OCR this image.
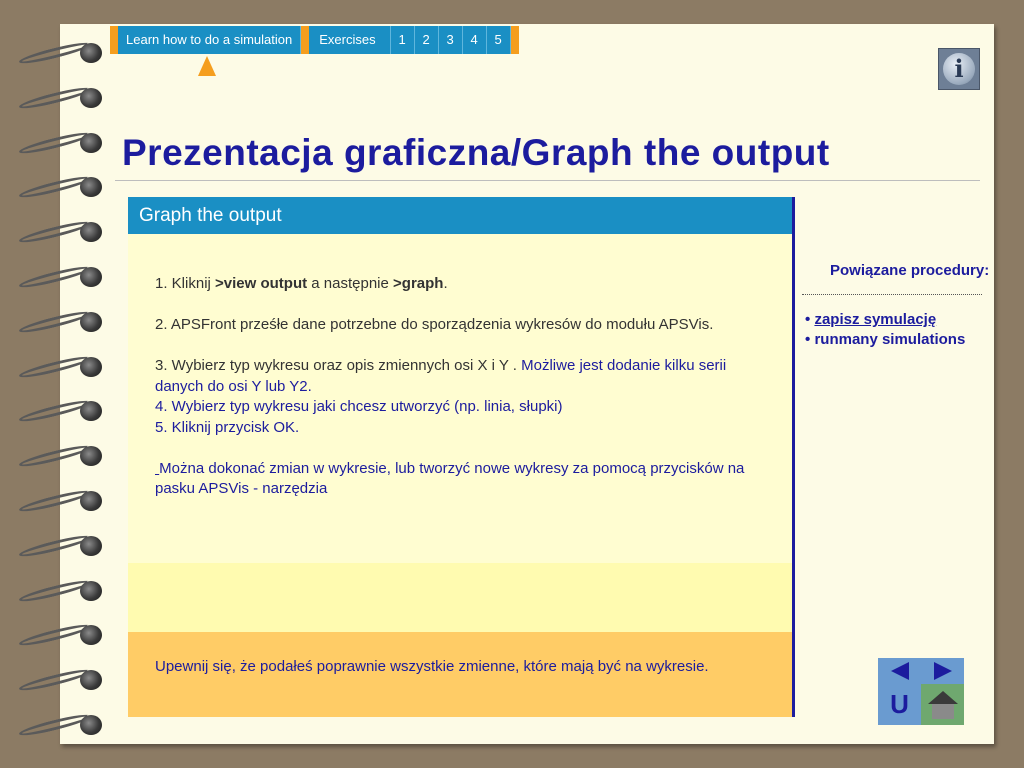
Learn how to do a simulation	Exercises	1	2	3	4	5
i
Prezentacja graficzna/Graph the output
Graph the output

1. Kliknij >view output a następnie >graph.

2. APSFront prześłe dane potrzebne do sporządzenia wykresów do modułu APSVis.

3. Wybierz typ wykresu oraz opis zmiennych osi X i Y . Możliwe jest dodanie kilku serii danych do osi Y lub Y2.

4. Wybierz typ wykresu jaki chcesz utworzyć (np. linia, słupki)

5. Kliknij przycisk OK.

Można dokonać zmian w wykresie, lub tworzyć nowe wykresy za pomocą przycisków na pasku APSVis - narzędzia

Upewnij się, że podałeś poprawnie wszystkie zmienne, które mają być na wykresie.
Powiązane procedury:
• zapisz symulację
• runmany simulations
U
